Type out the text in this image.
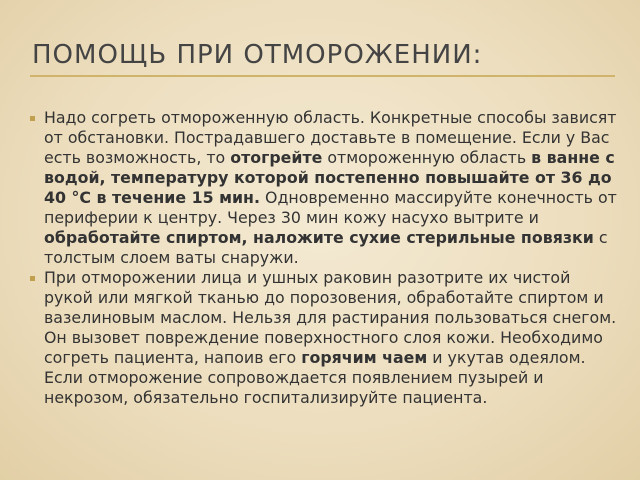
ПОМОЩЬ ПРИ ОТМОРОЖЕНИИ:

Надо согреть отмороженную область. Конкретные способы зависят от обстановки. Пострадавшего доставьте в помещение. Если у Вас есть возможность, то отогрейте отмороженную область в ванне с водой, температуру которой постепенно повышайте от 36 до 40 °С в течение 15 мин. Одновременно массируйте конечность от периферии к центру. Через 30 мин кожу насухо вытрите и обработайте спиртом, наложите сухие стерильные повязки с толстым слоем ваты снаружи.

При отморожении лица и ушных раковин разотрите их чистой рукой или мягкой тканью до порозовения, обработайте спиртом и вазелиновым маслом. Нельзя для растирания пользоваться снегом. Он вызовет повреждение поверхностного слоя кожи. Необходимо согреть пациента, напоив его горячим чаем и укутав одеялом. Если отморожение сопровождается появлением пузырей и некрозом, обязательно госпитализируйте пациента.
